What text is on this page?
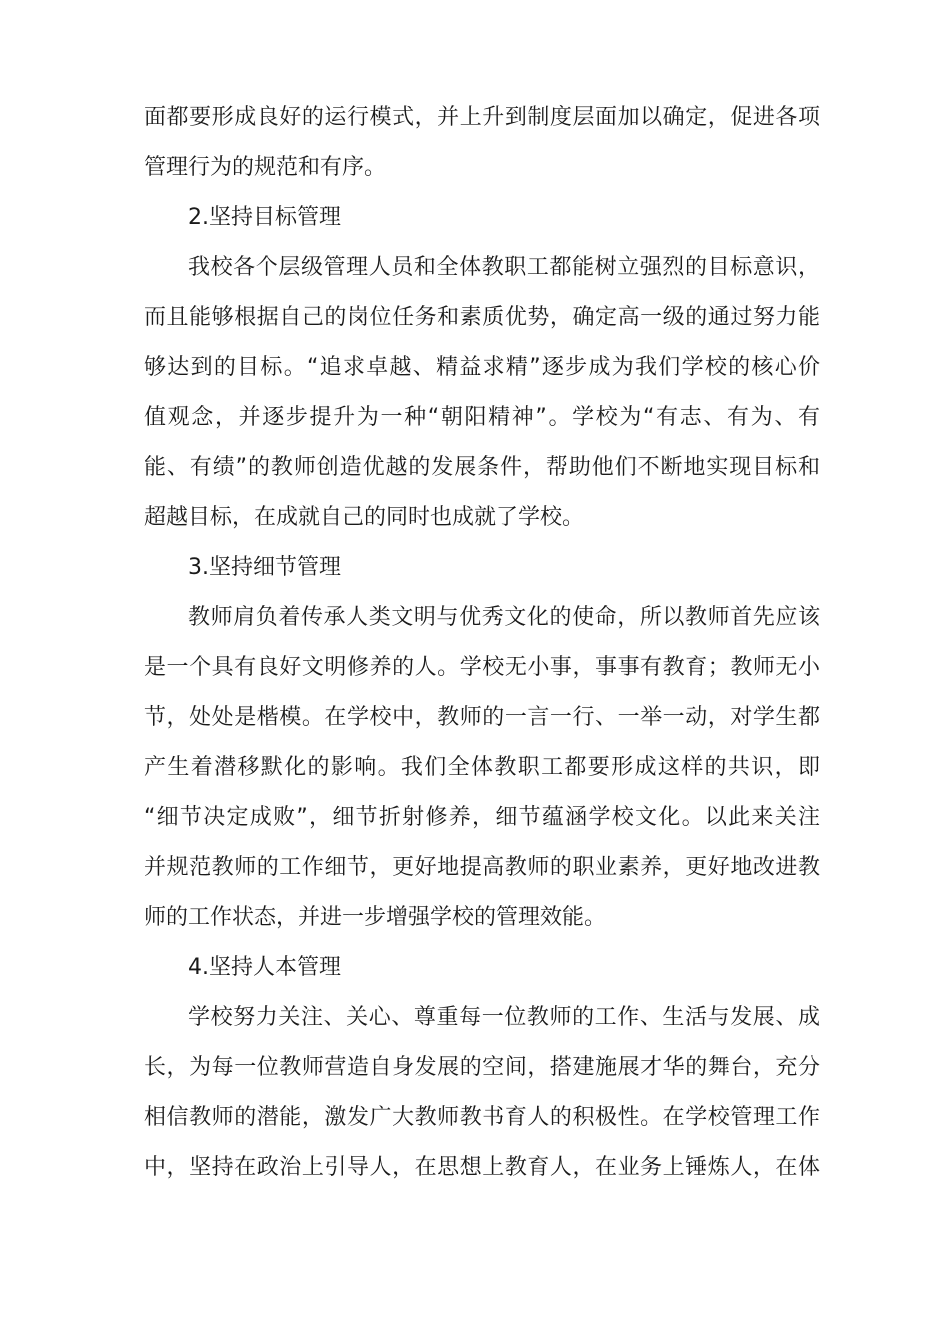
面都要形成良好的运行模式，并上升到制度层面加以确定，促进各项
管理行为的规范和有序。
2.坚持目标管理
我校各个层级管理人员和全体教职工都能树立强烈的目标意识，
而且能够根据自己的岗位任务和素质优势，确定高一级的通过努力能
够达到的目标。“追求卓越、精益求精”逐步成为我们学校的核心价
值观念，并逐步提升为一种“朝阳精神”。学校为“有志、有为、有
能、有绩”的教师创造优越的发展条件，帮助他们不断地实现目标和
超越目标，在成就自己的同时也成就了学校。
3.坚持细节管理
教师肩负着传承人类文明与优秀文化的使命，所以教师首先应该
是一个具有良好文明修养的人。学校无小事，事事有教育；教师无小
节，处处是楷模。在学校中，教师的一言一行、一举一动，对学生都
产生着潜移默化的影响。我们全体教职工都要形成这样的共识，即
“细节决定成败”，细节折射修养，细节蕴涵学校文化。以此来关注
并规范教师的工作细节，更好地提高教师的职业素养，更好地改进教
师的工作状态，并进一步增强学校的管理效能。
4.坚持人本管理
学校努力关注、关心、尊重每一位教师的工作、生活与发展、成
长，为每一位教师营造自身发展的空间，搭建施展才华的舞台，充分
相信教师的潜能，激发广大教师教书育人的积极性。在学校管理工作
中，坚持在政治上引导人，在思想上教育人，在业务上锤炼人，在体
